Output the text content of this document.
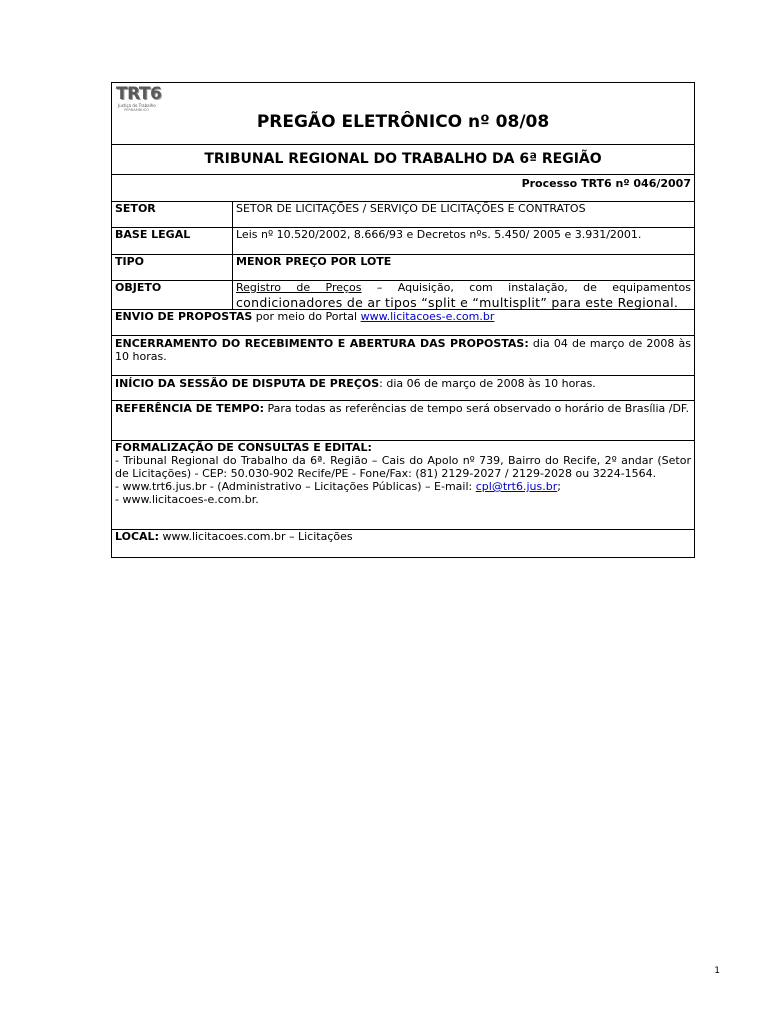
TRT6
Justiça do Trabalho
PERNAMBUCO
PREGÃO ELETRÔNICO nº 08/08
TRIBUNAL REGIONAL DO TRABALHO DA 6ª REGIÃO
Processo TRT6 nº 046/2007
SETOR	SETOR DE LICITAÇÕES / SERVIÇO DE LICITAÇÕES E CONTRATOS
BASE LEGAL	Leis nº 10.520/2002, 8.666/93 e Decretos nºs. 5.450/ 2005 e 3.931/2001.
TIPO	MENOR PREÇO POR LOTE
OBJETO	Registro de Preços – Aquisição, com instalação, de equipamentos
condicionadores de ar tipos “split e “multisplit” para este Regional.
ENVIO DE PROPOSTAS por meio do Portal www.licitacoes-e.com.br
ENCERRAMENTO DO RECEBIMENTO E ABERTURA DAS PROPOSTAS: dia 04 de março de 2008 às 10 horas.
INÍCIO DA SESSÃO DE DISPUTA DE PREÇOS: dia 06 de março de 2008 às 10 horas.
REFERÊNCIA DE TEMPO: Para todas as referências de tempo será observado o horário de Brasília /DF.
FORMALIZAÇÃO DE CONSULTAS E EDITAL:
- Tribunal Regional do Trabalho da 6ª. Região – Cais do Apolo nº 739, Bairro do Recife, 2º andar (Setor de Licitações) - CEP: 50.030-902 Recife/PE - Fone/Fax: (81) 2129-2027 / 2129-2028 ou 3224-1564.
- www.trt6.jus.br - (Administrativo – Licitações Públicas) – E-mail: cpl@trt6.jus.br;
- www.licitacoes-e.com.br.
LOCAL: www.licitacoes.com.br – Licitações
1
